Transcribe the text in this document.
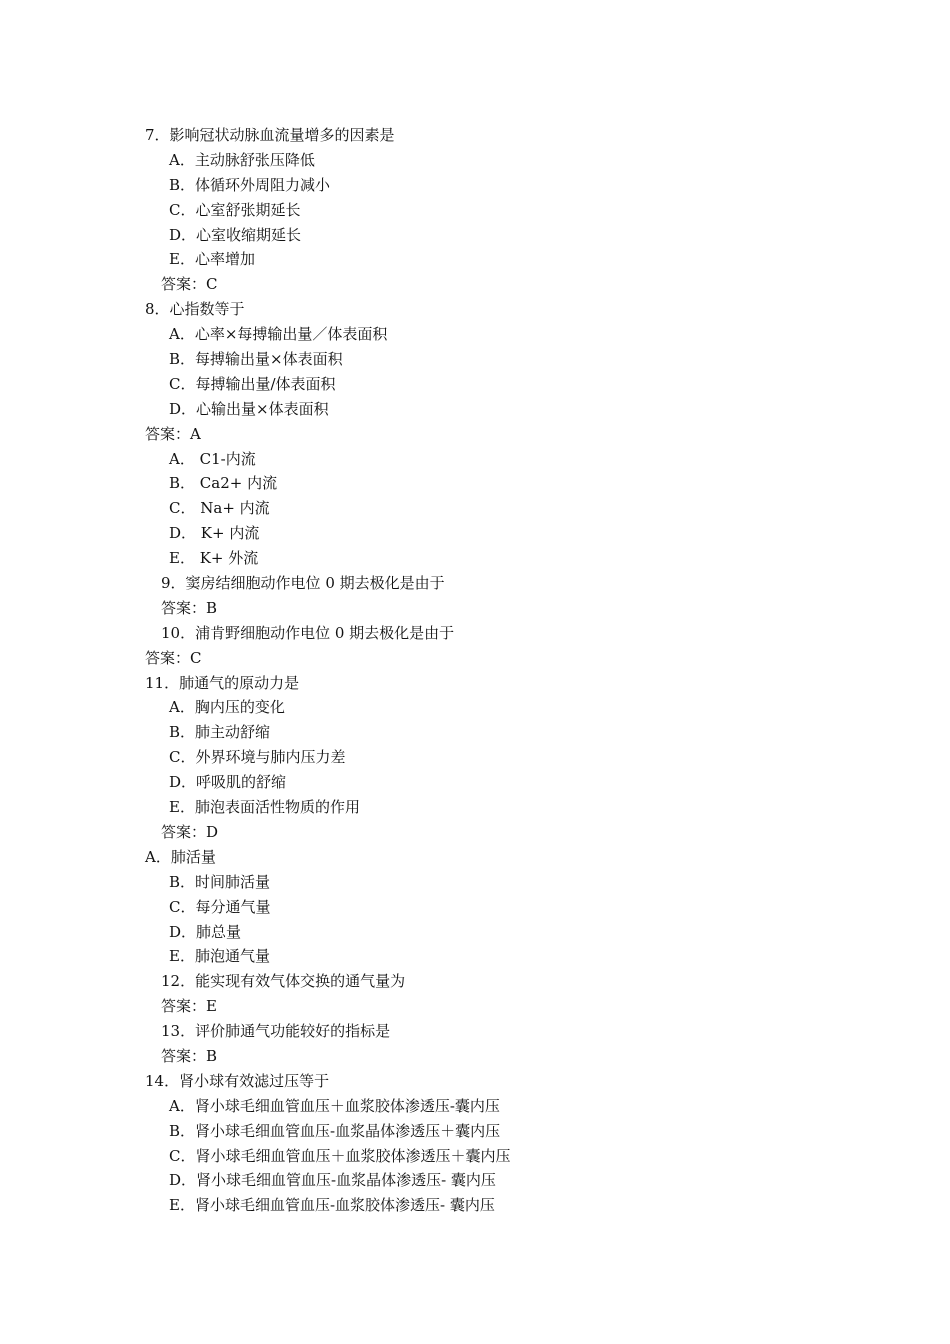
7．影响冠状动脉血流量增多的因素是
A．主动脉舒张压降低
B．体循环外周阻力减小
C．心室舒张期延长
D．心室收缩期延长
E．心率增加
答案：C
8．心指数等于
A．心率×每搏输出量／体表面积
B．每搏输出量×体表面积
C．每搏输出量/体表面积
D．心输出量×体表面积
答案：A
A． C1-内流
B． Ca2+ 内流
C． Na+ 内流
D． K+ 内流
E． K+ 外流
9．窦房结细胞动作电位 0 期去极化是由于
答案：B
10．浦肯野细胞动作电位 0 期去极化是由于
答案：C
11．肺通气的原动力是
A．胸内压的变化
B．肺主动舒缩
C．外界环境与肺内压力差
D．呼吸肌的舒缩
E．肺泡表面活性物质的作用
答案：D
A．肺活量
B．时间肺活量
C．每分通气量
D．肺总量
E．肺泡通气量
12．能实现有效气体交换的通气量为
答案：E
13．评价肺通气功能较好的指标是
答案：B
14．肾小球有效滤过压等于
A．肾小球毛细血管血压＋血浆胶体渗透压-囊内压
B．肾小球毛细血管血压-血浆晶体渗透压＋囊内压
C．肾小球毛细血管血压＋血浆胶体渗透压＋囊内压
D．肾小球毛细血管血压-血浆晶体渗透压- 囊内压
E．肾小球毛细血管血压-血浆胶体渗透压- 囊内压
